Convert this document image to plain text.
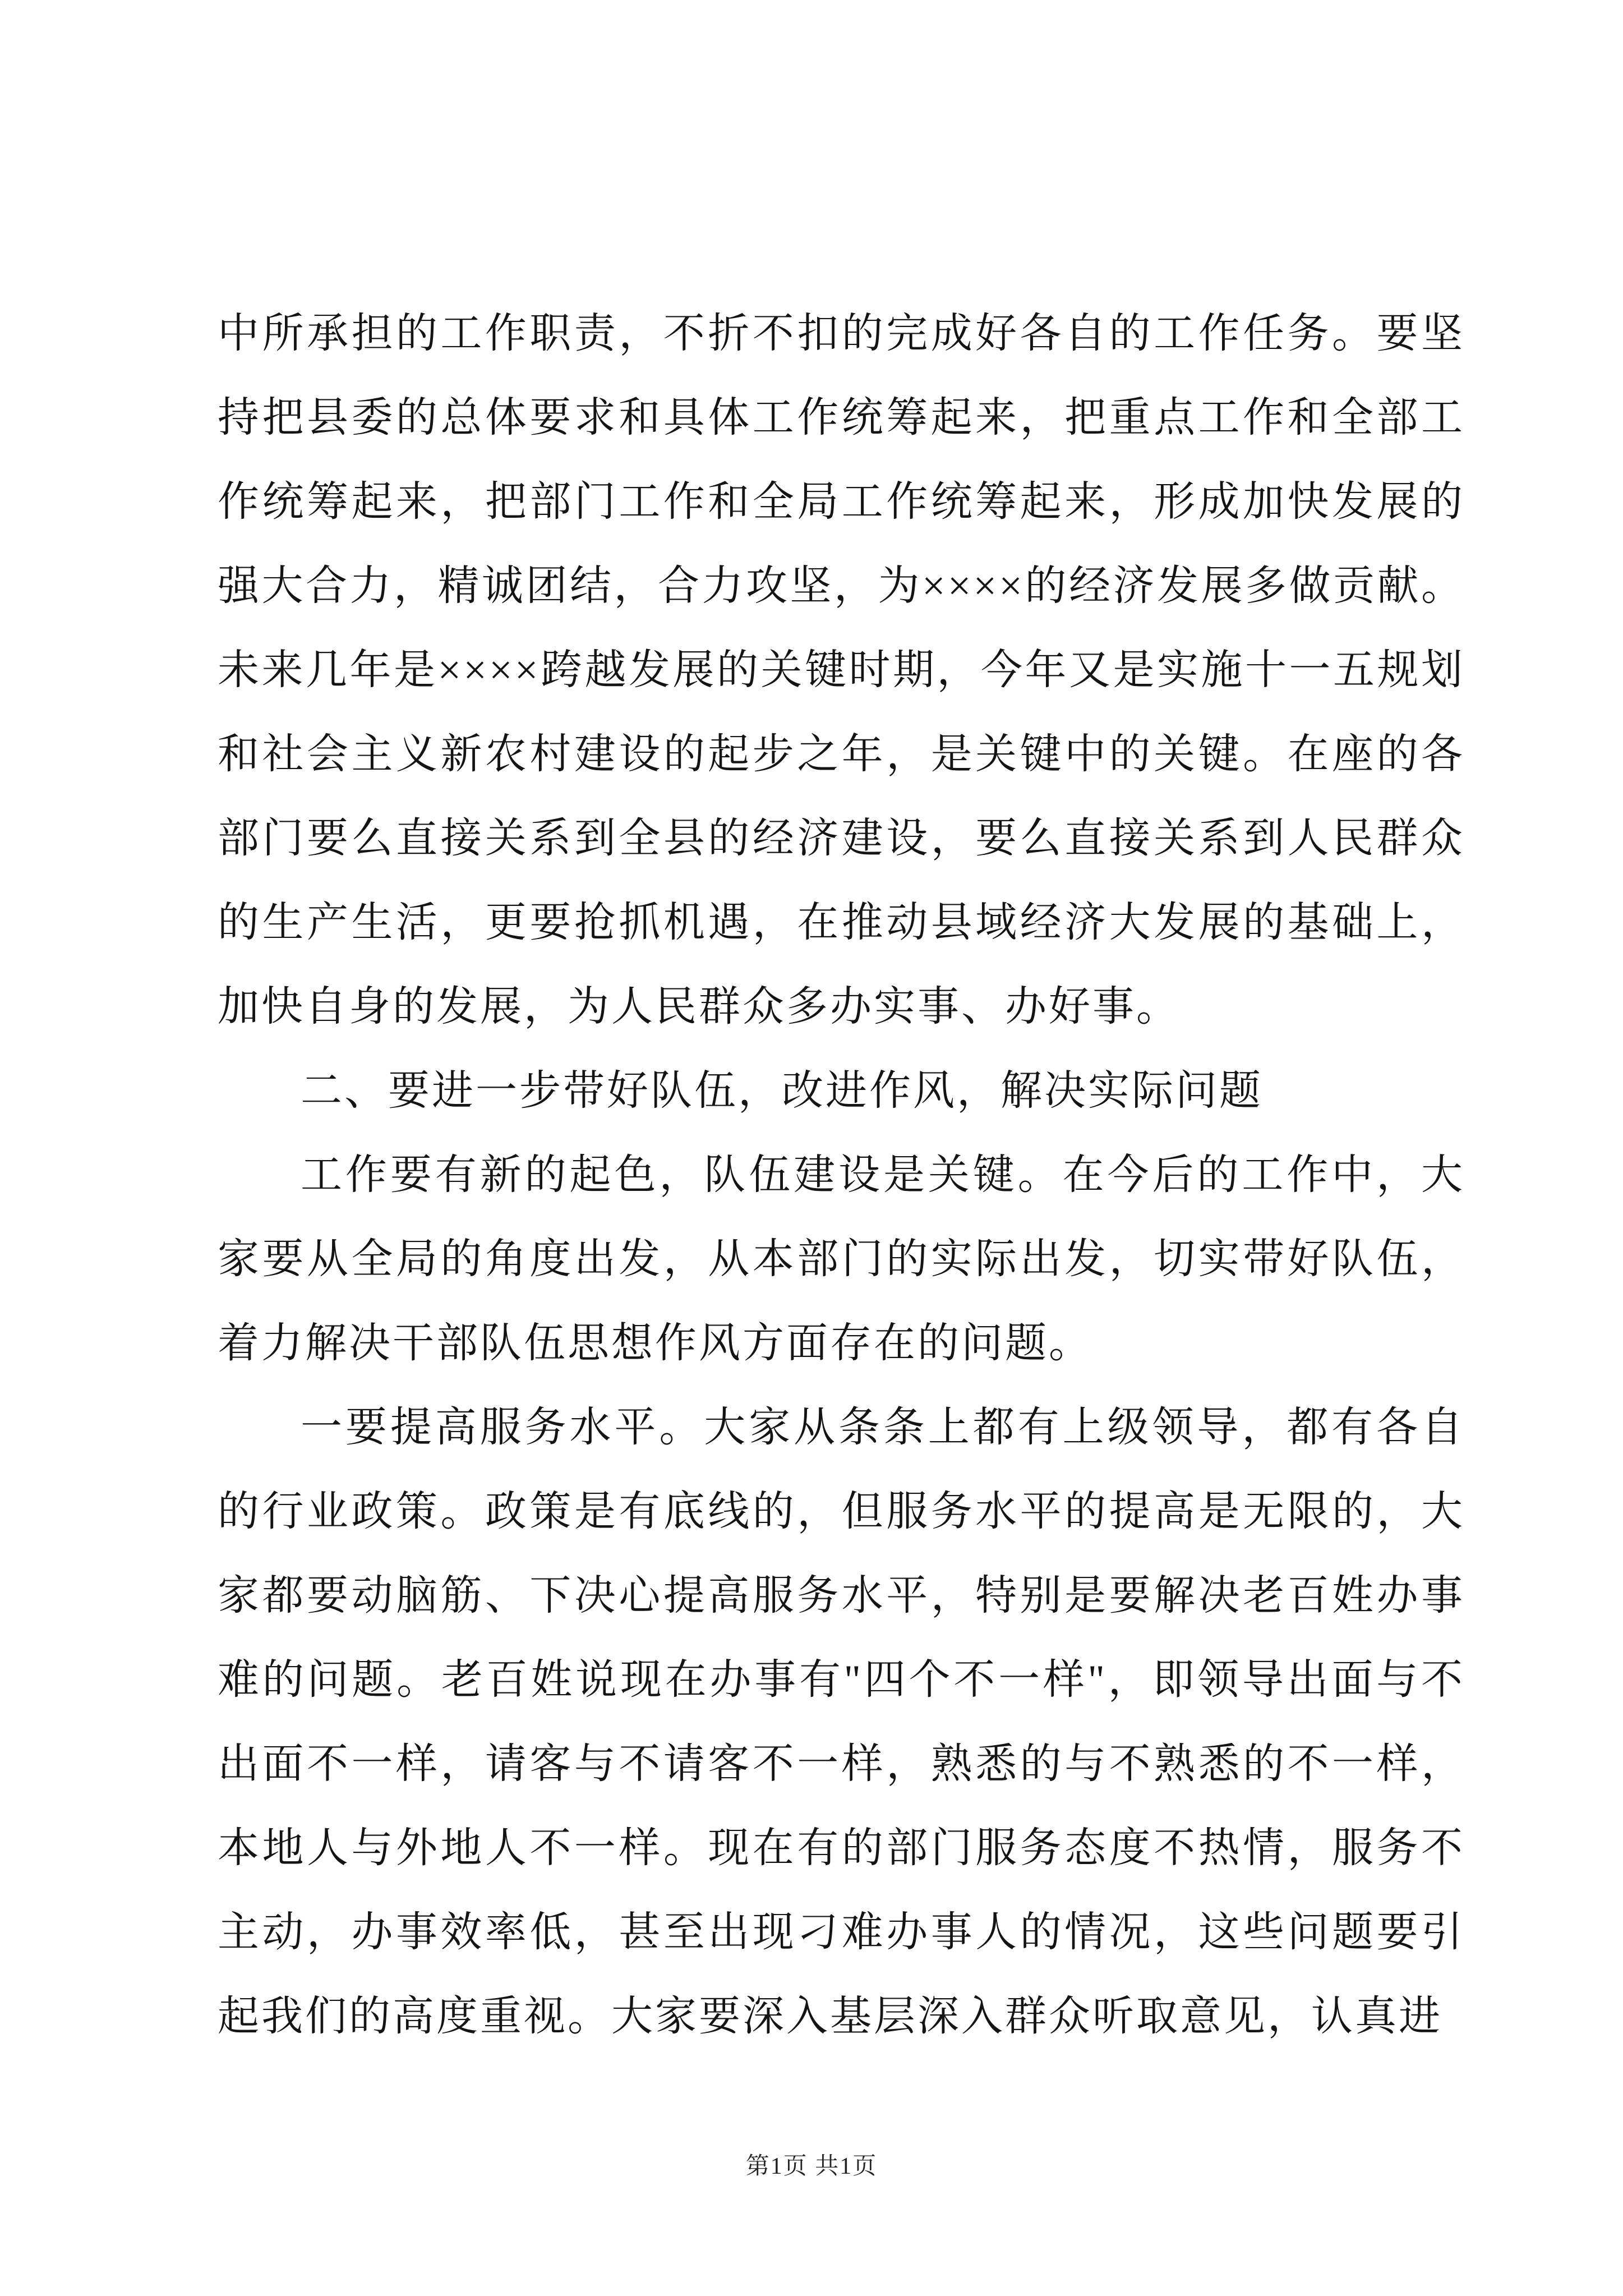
中所承担的工作职责，不折不扣的完成好各自的工作任务。要坚持把县委的总体要求和具体工作统筹起来，把重点工作和全部工作统筹起来，把部门工作和全局工作统筹起来，形成加快发展的强大合力，精诚团结，合力攻坚，为××××的经济发展多做贡献。未来几年是××××跨越发展的关键时期，今年又是实施十一五规划和社会主义新农村建设的起步之年，是关键中的关键。在座的各部门要么直接关系到全县的经济建设，要么直接关系到人民群众的生产生活，更要抢抓机遇，在推动县域经济大发展的基础上，加快自身的发展，为人民群众多办实事、办好事。

二、要进一步带好队伍，改进作风，解决实际问题

工作要有新的起色，队伍建设是关键。在今后的工作中，大家要从全局的角度出发，从本部门的实际出发，切实带好队伍，着力解决干部队伍思想作风方面存在的问题。

一要提高服务水平。大家从条条上都有上级领导，都有各自的行业政策。政策是有底线的，但服务水平的提高是无限的，大家都要动脑筋、下决心提高服务水平，特别是要解决老百姓办事难的问题。老百姓说现在办事有"四个不一样"，即领导出面与不出面不一样，请客与不请客不一样，熟悉的与不熟悉的不一样，本地人与外地人不一样。现在有的部门服务态度不热情，服务不主动，办事效率低，甚至出现刁难办事人的情况，这些问题要引起我们的高度重视。大家要深入基层深入群众听取意见，认真进

第1页 共1页
